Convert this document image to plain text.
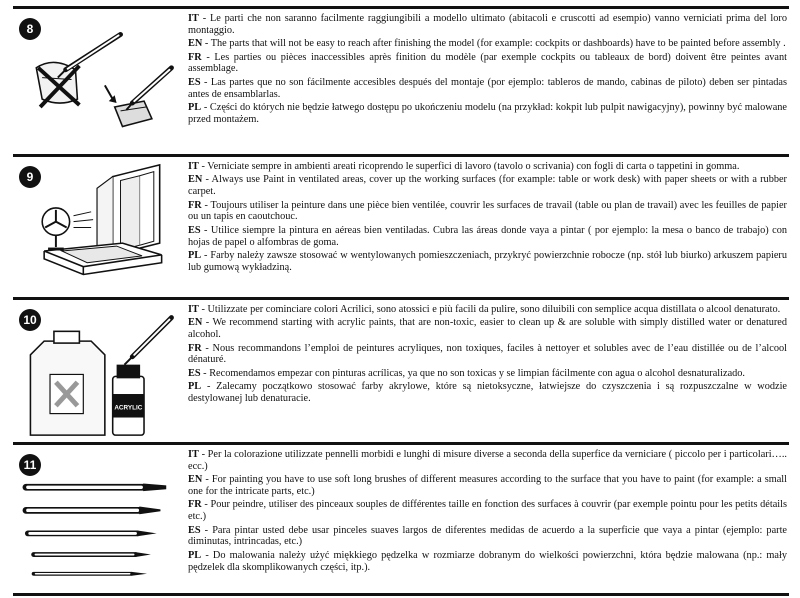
8

IT - Le parti che non saranno facilmente raggiungibili a modello ultimato (abitacoli e cruscotti ad esempio) vanno verniciati prima del loro montaggio.

EN - The parts that will not be easy to reach after finishing the model (for example: cockpits or dashboards) have to be painted before assembly .

FR - Les parties ou pièces inaccessibles après finition du modèle (par exemple cockpits ou tableaux de bord) doivent être peintes avant assemblage.

ES - Las partes que no son fácilmente accesibles después del montaje (por ejemplo: tableros de mando, cabinas de piloto) deben ser pintadas antes de ensamblarlas.

PL - Części do których nie będzie łatwego dostępu po ukończeniu modelu (na przykład: kokpit lub pulpit nawigacyjny), powinny być malowane przed montażem.

9

IT - Verniciate sempre in ambienti areati ricoprendo le superfici di lavoro (tavolo o scrivania) con fogli di carta o tappetini in gomma.

EN - Always use Paint in ventilated areas, cover up the working surfaces (for example: table or work desk) with paper sheets or with a rubber carpet.

FR - Toujours utiliser la peinture dans une pièce bien ventilée, couvrir les surfaces de travail (table ou plan de travail) avec les feuilles de papier ou un tapis en caoutchouc.

ES - Utilice siempre la pintura en aéreas bien ventiladas. Cubra las áreas donde vaya a pintar ( por ejemplo: la mesa o banco de trabajo) con hojas de papel o alfombras de goma.

PL - Farby należy zawsze stosować w wentylowanych pomieszczeniach, przykryć powierzchnie robocze (np. stół lub biurko) arkuszem papieru lub gumową wykładziną.

10
ACRYLIC

IT - Utilizzate per cominciare colori Acrilici, sono atossici e più facili da pulire, sono diluibili con semplice acqua distillata o alcool denaturato.

EN - We recommend starting with acrylic paints, that are non-toxic, easier to clean up & are soluble with simply distilled water or denatured alcohol.

FR - Nous recommandons l’emploi de peintures acryliques, non toxiques, faciles à nettoyer et solubles avec de l’eau distillée ou de l’alcool dénaturé.

ES - Recomendamos empezar con pinturas acrílicas, ya que no son toxicas y se limpian fácilmente con agua o alcohol desnaturalizado.

PL - Zalecamy początkowo stosować farby akrylowe, które są nietoksyczne, łatwiejsze do czyszczenia i są rozpuszczalne w wodzie destylowanej lub denaturacie.

11

IT - Per la colorazione utilizzate pennelli morbidi e lunghi di misure diverse a seconda della superfice da verniciare ( piccolo per i particolari….. ecc.)

EN - For painting you have to use soft long brushes of different measures according to the surface that you have to paint (for example: a small one for the intricate parts, etc.)

FR - Pour peindre, utiliser des pinceaux souples de différentes taille en fonction des surfaces à couvrir (par exemple pointu pour les petits détails etc.)

ES - Para pintar usted debe usar pinceles suaves largos de diferentes medidas de acuerdo a la superficie que vaya a pintar (ejemplo: parte diminutas, intrincadas, etc.)

PL - Do malowania należy użyć miękkiego pędzelka w rozmiarze dobranym do wielkości powierzchni, która będzie malowana (np.: mały pędzelek dla skomplikowanych części, itp.).
